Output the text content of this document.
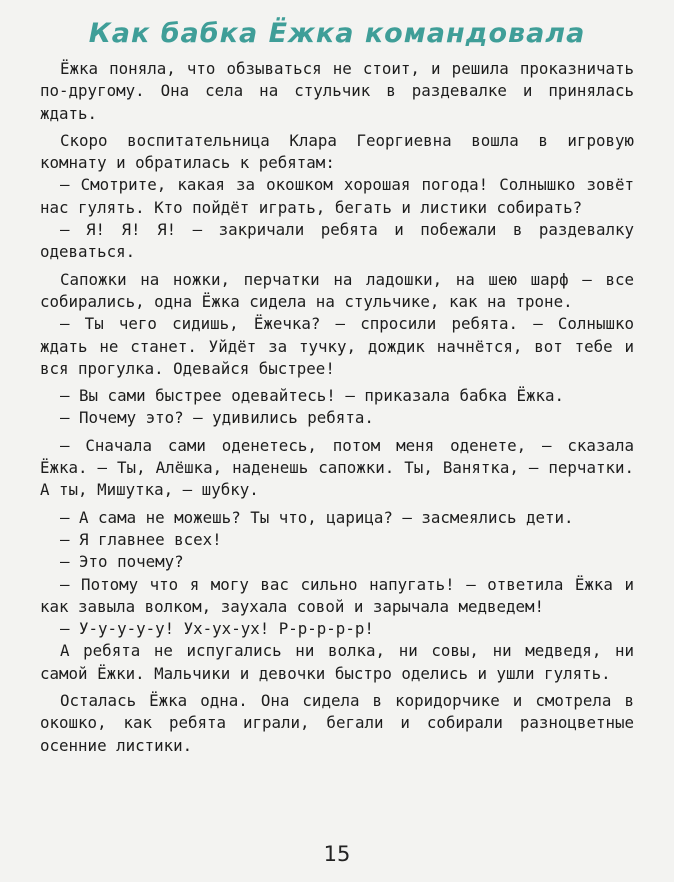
Как бабка Ёжка командовала

Ёжка поняла, что обзываться не стоит, и решила проказничать по-другому. Она села на стульчик в раздевалке и принялась ждать.

Скоро воспитательница Клара Георгиевна вошла в игровую комнату и обратилась к ребятам:

— Смотрите, какая за окошком хорошая погода! Солнышко зовёт нас гулять. Кто пойдёт играть, бегать и листики собирать?

— Я! Я! Я! — закричали ребята и побежали в раздевалку одеваться.

Сапожки на ножки, перчатки на ладошки, на шею шарф — все собирались, одна Ёжка сидела на стульчике, как на троне.

— Ты чего сидишь, Ёжечка? — спросили ребята. — Солнышко ждать не станет. Уйдёт за тучку, дождик начнётся, вот тебе и вся прогулка. Одевайся быстрее!

— Вы сами быстрее одевайтесь! — приказала бабка Ёжка.

— Почему это? — удивились ребята.

— Сначала сами оденетесь, потом меня оденете, — сказала Ёжка. — Ты, Алёшка, наденешь сапожки. Ты, Ванятка, — перчатки. А ты, Мишутка, — шубку.

— А сама не можешь? Ты что, царица? — засмеялись дети.

— Я главнее всех!

— Это почему?

— Потому что я могу вас сильно напугать! — ответила Ёжка и как завыла волком, заухала совой и зарычала медведем!

— У-у-у-у-у! Ух-ух-ух! Р-р-р-р-р!

А ребята не испугались ни волка, ни совы, ни медведя, ни самой Ёжки. Мальчики и девочки быстро оделись и ушли гулять.

Осталась Ёжка одна. Она сидела в коридорчике и смотрела в окошко, как ребята играли, бегали и собирали разноцветные осенние листики.

15
